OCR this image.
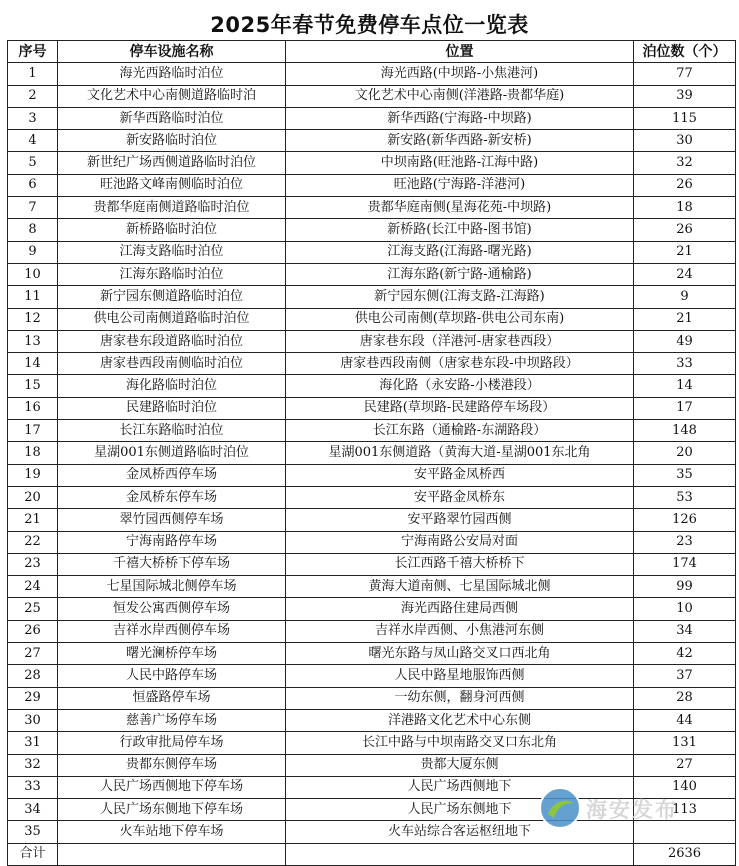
2025年春节免费停车点位一览表
序号	停车设施名称	位置	泊位数（个）
1	海光西路临时泊位	海光西路(中坝路-小焦港河)	77
2	文化艺术中心南侧道路临时泊	文化艺术中心南侧(洋港路-贵都华庭)	39
3	新华西路临时泊位	新华西路(宁海路-中坝路)	115
4	新安路临时泊位	新安路(新华西路-新安桥)	30
5	新世纪广场西侧道路临时泊位	中坝南路(旺池路-江海中路)	32
6	旺池路文峰南侧临时泊位	旺池路(宁海路-洋港河)	26
7	贵都华庭南侧道路临时泊位	贵都华庭南侧(星海花苑-中坝路)	18
8	新桥路临时泊位	新桥路(长江中路-图书馆)	26
9	江海支路临时泊位	江海支路(江海路-曙光路)	21
10	江海东路临时泊位	江海东路(新宁路-通榆路)	24
11	新宁园东侧道路临时泊位	新宁园东侧(江海支路-江海路)	9
12	供电公司南侧道路临时泊位	供电公司南侧(草坝路-供电公司东南)	21
13	唐家巷东段道路临时泊位	唐家巷东段（洋港河-唐家巷西段）	49
14	唐家巷西段南侧临时泊位	唐家巷西段南侧（唐家巷东段-中坝路段）	33
15	海化路临时泊位	海化路（永安路-小楼港段）	14
16	民建路临时泊位	民建路(草坝路-民建路停车场段）	17
17	长江东路临时泊位	长江东路（通榆路-东湖路段）	148
18	星湖001东侧道路临时泊位	星湖001东侧道路（黄海大道-星湖001东北角	20
19	金凤桥西停车场	安平路金凤桥西	35
20	金凤桥东停车场	安平路金凤桥东	53
21	翠竹园西侧停车场	安平路翠竹园西侧	126
22	宁海南路停车场	宁海南路公安局对面	23
23	千禧大桥桥下停车场	长江西路千禧大桥桥下	174
24	七星国际城北侧停车场	黄海大道南侧、七星国际城北侧	99
25	恒发公寓西侧停车场	海光西路住建局西侧	10
26	吉祥水岸西侧停车场	吉祥水岸西侧、小焦港河东侧	34
27	曙光澜桥停车场	曙光东路与凤山路交叉口西北角	42
28	人民中路停车场	人民中路星地服饰西侧	37
29	恒盛路停车场	一幼东侧，翻身河西侧	28
30	慈善广场停车场	洋港路文化艺术中心东侧	44
31	行政审批局停车场	长江中路与中坝南路交叉口东北角	131
32	贵都东侧停车场	贵都大厦东侧	27
33	人民广场西侧地下停车场	人民广场西侧地下	140
34	人民广场东侧地下停车场	人民广场东侧地下	113
35	火车站地下停车场	火车站综合客运枢纽地下	
合计			2636
海安发布
